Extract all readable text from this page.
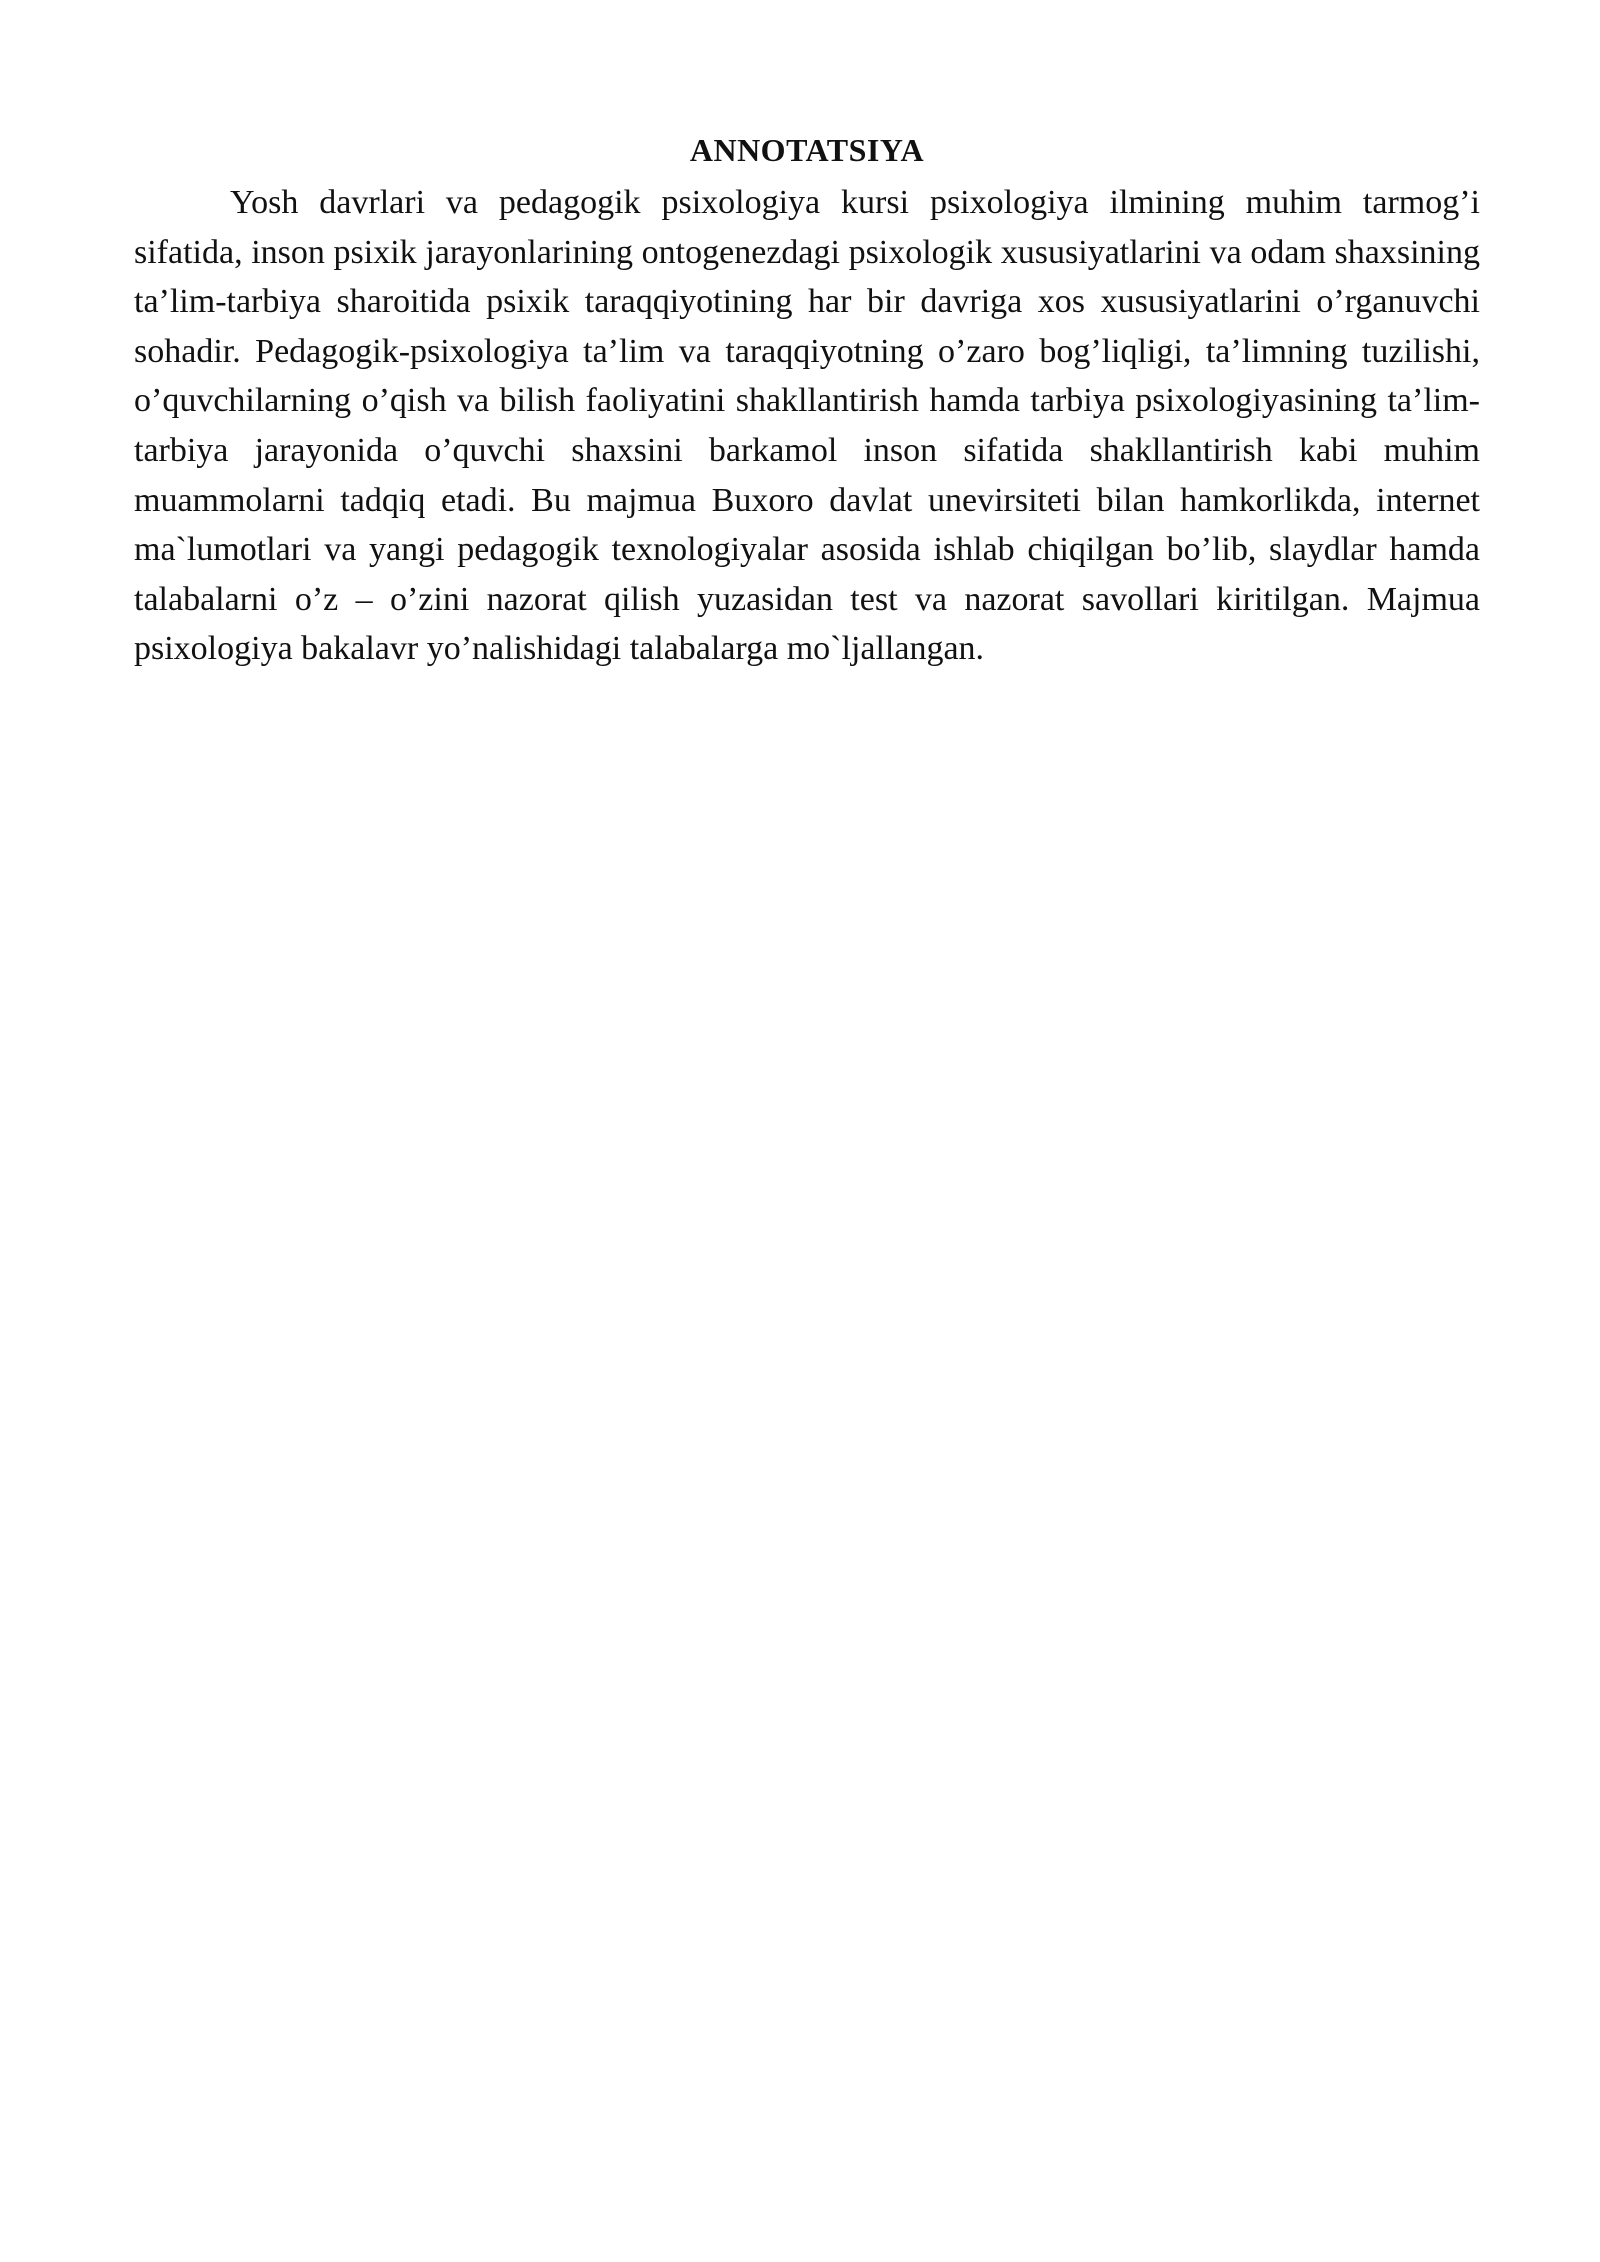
ANNOTATSIYA

Yosh davrlari va pedagogik psixologiya kursi psixologiya ilmining muhim tarmog’i sifatida, inson psixik jarayonlarining ontogenezdagi psixologik xususiyatlarini va odam shaxsining ta’lim-tarbiya sharoitida psixik taraqqiyotining har bir davriga xos xususiyatlarini o’rganuvchi sohadir. Pedagogik-psixologiya ta’lim va taraqqiyotning o’zaro bog’liqligi, ta’limning tuzilishi, o’quvchilarning o’qish va bilish faoliyatini shakllantirish hamda tarbiya psixologiyasining ta’lim-tarbiya jarayonida o’quvchi shaxsini barkamol inson sifatida shakllantirish kabi muhim muammolarni tadqiq etadi. Bu majmua Buxoro davlat unevirsiteti bilan hamkorlikda, internet ma`lumotlari va yangi pedagogik texnologiyalar asosida ishlab chiqilgan bo’lib, slaydlar hamda talabalarni o’z – o’zini nazorat qilish yuzasidan test va nazorat savollari kiritilgan. Majmua psixologiya bakalavr yo’nalishidagi talabalarga mo`ljallangan.
